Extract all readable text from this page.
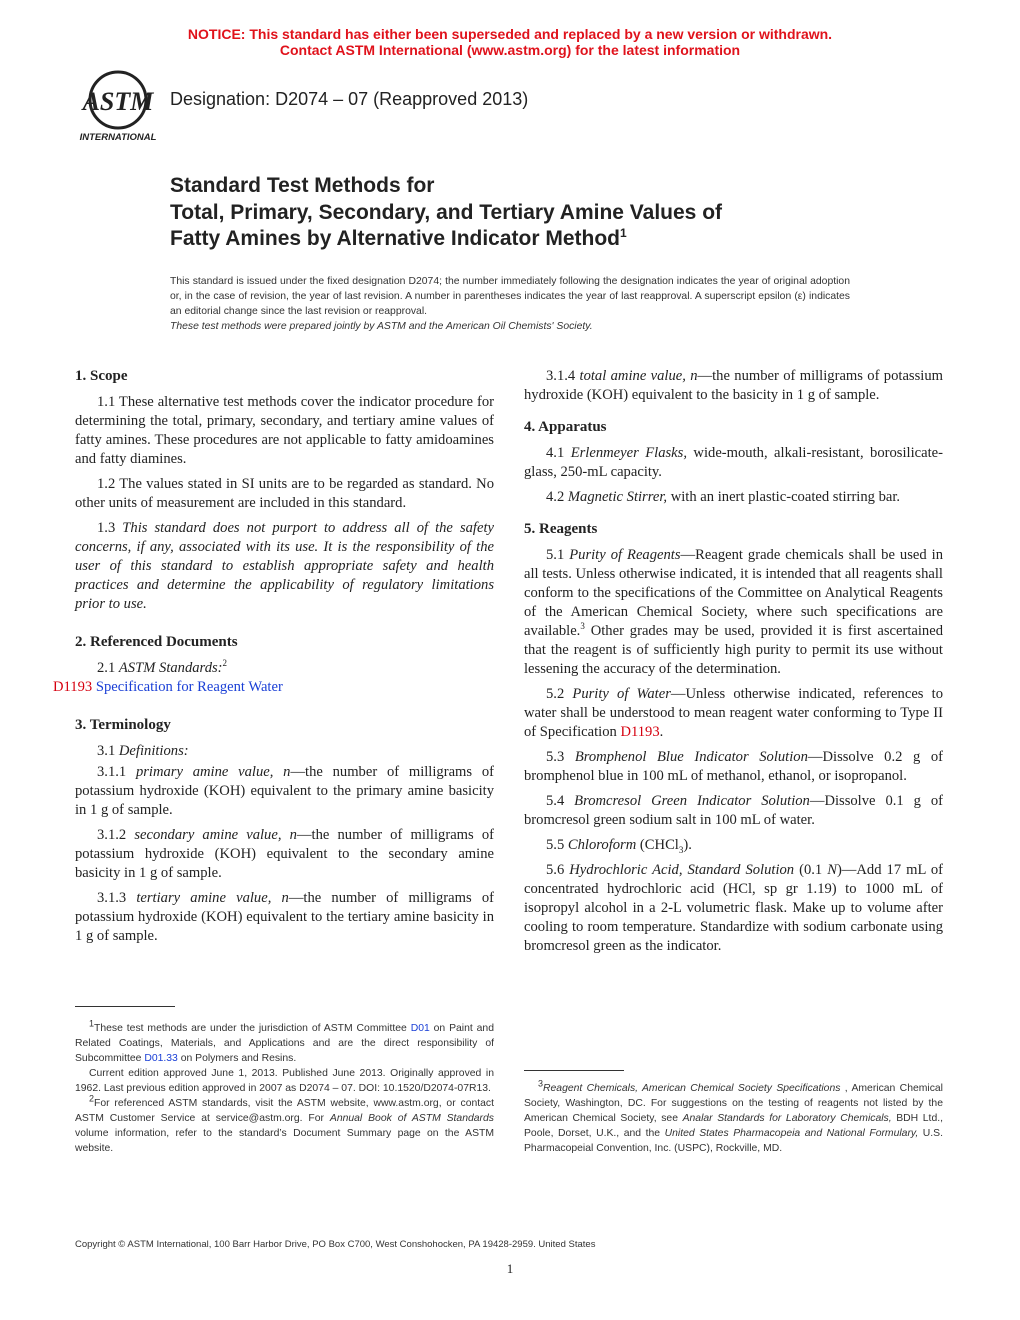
NOTICE: This standard has either been superseded and replaced by a new version or withdrawn.
Contact ASTM International (www.astm.org) for the latest information
ASTM
INTERNATIONAL
Designation: D2074 – 07 (Reapproved 2013)
Standard Test Methods for
Total, Primary, Secondary, and Tertiary Amine Values of
Fatty Amines by Alternative Indicator Method$^1$
This standard is issued under the fixed designation D2074; the number immediately following the designation indicates the year of original adoption or, in the case of revision, the year of last revision. A number in parentheses indicates the year of last reapproval. A superscript epsilon (ε) indicates an editorial change since the last revision or reapproval.
These test methods were prepared jointly by ASTM and the American Oil Chemists' Society.
1. Scope

1.1 These alternative test methods cover the indicator procedure for determining the total, primary, secondary, and tertiary amine values of fatty amines. These procedures are not applicable to fatty amidoamines and fatty diamines.

1.2 The values stated in SI units are to be regarded as standard. No other units of measurement are included in this standard.

1.3 This standard does not purport to address all of the safety concerns, if any, associated with its use. It is the responsibility of the user of this standard to establish appropriate safety and health practices and determine the applicability of regulatory limitations prior to use.

2. Referenced Documents

2.1 ASTM Standards:$^2$
D1193 Specification for Reagent Water

3. Terminology

3.1 Definitions:

3.1.1 primary amine value, n—the number of milligrams of potassium hydroxide (KOH) equivalent to the primary amine basicity in 1 g of sample.

3.1.2 secondary amine value, n—the number of milligrams of potassium hydroxide (KOH) equivalent to the secondary amine basicity in 1 g of sample.

3.1.3 tertiary amine value, n—the number of milligrams of potassium hydroxide (KOH) equivalent to the tertiary amine basicity in 1 g of sample.

3.1.4 total amine value, n—the number of milligrams of potassium hydroxide (KOH) equivalent to the basicity in 1 g of sample.

4. Apparatus

4.1 Erlenmeyer Flasks, wide-mouth, alkali-resistant, borosilicate-glass, 250-mL capacity.

4.2 Magnetic Stirrer, with an inert plastic-coated stirring bar.

5. Reagents

5.1 Purity of Reagents—Reagent grade chemicals shall be used in all tests. Unless otherwise indicated, it is intended that all reagents shall conform to the specifications of the Committee on Analytical Reagents of the American Chemical Society, where such specifications are available.$^3$ Other grades may be used, provided it is first ascertained that the reagent is of sufficiently high purity to permit its use without lessening the accuracy of the determination.

5.2 Purity of Water—Unless otherwise indicated, references to water shall be understood to mean reagent water conforming to Type II of Specification D1193.

5.3 Bromphenol Blue Indicator Solution—Dissolve 0.2 g of bromphenol blue in 100 mL of methanol, ethanol, or isopropanol.

5.4 Bromcresol Green Indicator Solution—Dissolve 0.1 g of bromcresol green sodium salt in 100 mL of water.

5.5 Chloroform (CHCl$_3$).

5.6 Hydrochloric Acid, Standard Solution (0.1 N)—Add 17 mL of concentrated hydrochloric acid (HCl, sp gr 1.19) to 1000 mL of isopropyl alcohol in a 2-L volumetric flask. Make up to volume after cooling to room temperature. Standardize with sodium carbonate using bromcresol green as the indicator.

$^1$These test methods are under the jurisdiction of ASTM Committee D01 on Paint and Related Coatings, Materials, and Applications and are the direct responsibility of Subcommittee D01.33 on Polymers and Resins.

Current edition approved June 1, 2013. Published June 2013. Originally approved in 1962. Last previous edition approved in 2007 as D2074 – 07. DOI: 10.1520/D2074-07R13.

$^2$For referenced ASTM standards, visit the ASTM website, www.astm.org, or contact ASTM Customer Service at service@astm.org. For Annual Book of ASTM Standards volume information, refer to the standard’s Document Summary page on the ASTM website.

$^3$Reagent Chemicals, American Chemical Society Specifications , American Chemical Society, Washington, DC. For suggestions on the testing of reagents not listed by the American Chemical Society, see Analar Standards for Laboratory Chemicals, BDH Ltd., Poole, Dorset, U.K., and the United States Pharmacopeia and National Formulary, U.S. Pharmacopeial Convention, Inc. (USPC), Rockville, MD.

Copyright © ASTM International, 100 Barr Harbor Drive, PO Box C700, West Conshohocken, PA 19428-2959. United States
1
